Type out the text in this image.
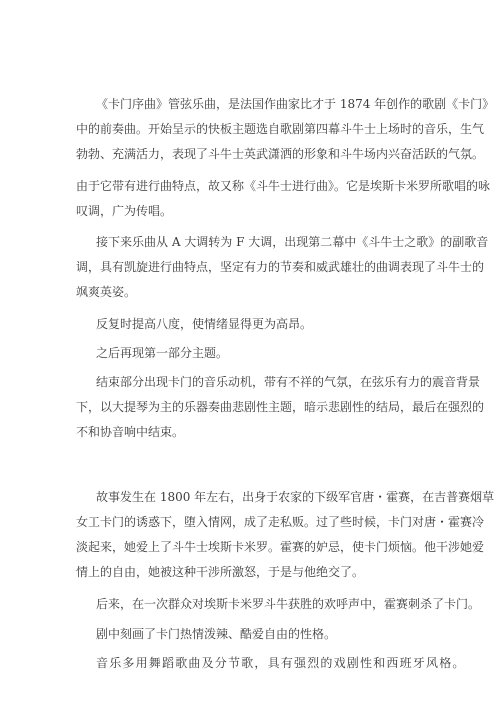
《卡门序曲》管弦乐曲，是法国作曲家比才于 1874 年创作的歌剧《卡门》
中的前奏曲。开始呈示的快板主题选自歌剧第四幕斗牛士上场时的音乐，生气
勃勃、充满活力，表现了斗牛士英武潇洒的形象和斗牛场内兴奋活跃的气氛。
由于它带有进行曲特点，故又称《斗牛士进行曲》。它是埃斯卡米罗所歌唱的咏
叹调，广为传唱。
接下来乐曲从 A 大调转为 F 大调，出现第二幕中《斗牛士之歌》的副歌音
调，具有凯旋进行曲特点，坚定有力的节奏和威武雄壮的曲调表现了斗牛士的
飒爽英姿。
反复时提高八度，使情绪显得更为高昂。
之后再现第一部分主题。
结束部分出现卡门的音乐动机，带有不祥的气氛，在弦乐有力的震音背景
下，以大提琴为主的乐器奏曲悲剧性主题，暗示悲剧性的结局，最后在强烈的
不和协音响中结束。
故事发生在 1800 年左右，出身于农家的下级军官唐・霍赛，在吉普赛烟草
女工卡门的诱惑下，堕入情网，成了走私贩。过了些时候，卡门对唐・霍赛冷
淡起来，她爱上了斗牛士埃斯卡米罗。霍赛的妒忌，使卡门烦恼。他干涉她爱
情上的自由，她被这种干涉所激怒，于是与他绝交了。
后来，在一次群众对埃斯卡米罗斗牛获胜的欢呼声中，霍赛刺杀了卡门。
剧中刻画了卡门热情泼辣、酷爱自由的性格。
音乐多用舞蹈歌曲及分节歌，具有强烈的戏剧性和西班牙风格。
